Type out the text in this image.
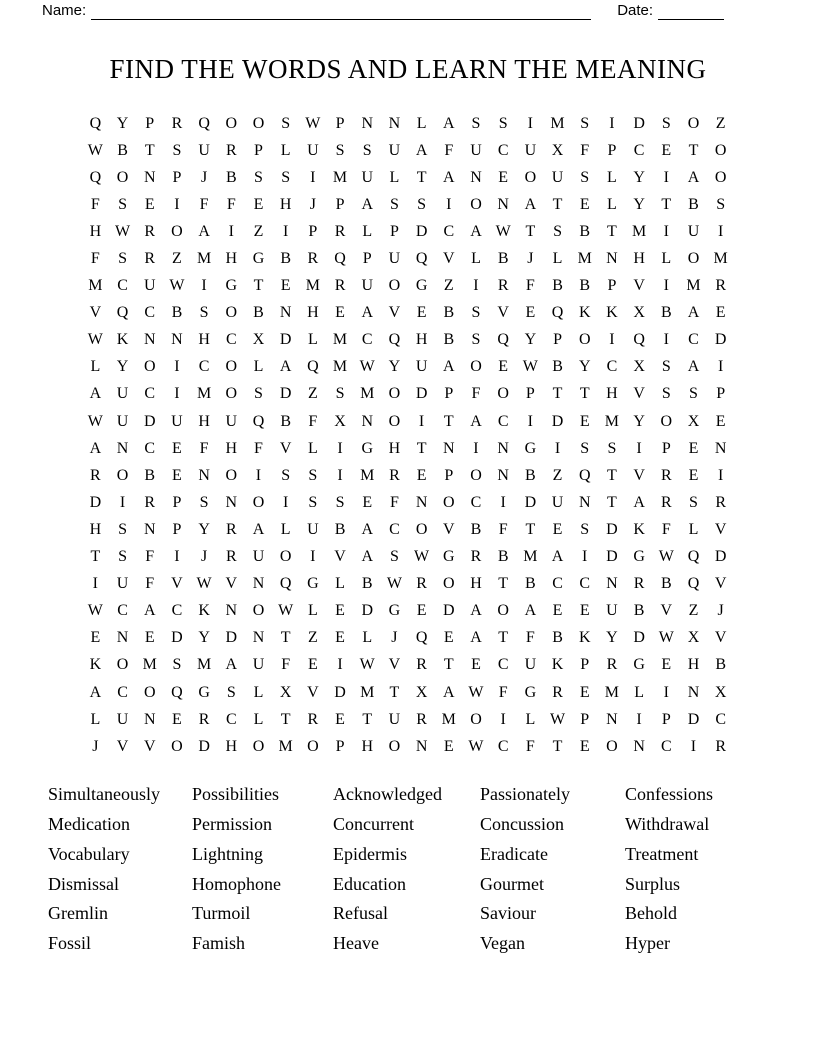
Name:	Date:
FIND THE WORDS AND LEARN THE MEANING
Q Y	P	R	Q O O	S W P	N N	L	A	S	S	I	M S	I	D	S	O	Z
W B	T	S	U	R	P	L	U	S	S	U A	F	U	C	U X	F	P	C	E	T	O
Q O N	P	J	B	S	S	I	M U	L	T	A N	E	O U	S	L	Y	I	A O
F	S	E	I	F	F	E	H	J	P	A	S	S	I	O N A	T	E	L	Y	T	B	S
H W R	O A	I	Z	I	P	R	L	P	D	C	A W T	S	B	T M	I	U	I
F	S	R	Z M H G	B	R	Q	P	U Q V	L	B	J	L M N H	L	O M
M C	U W	I	G	T	E M R	U O G	Z	I	R	F	B	B	P	V	I	M R
V Q	C	B	S	O	B	N H	E	A V	E	B	S	V	E	Q K K X	B	A	E
W K N N H	C	X D	L M C	Q H	B	S	Q Y	P	O	I	Q	I	C	D
L	Y O	I	C	O	L	A Q M W Y U A O	E W B	Y	C	X	S	A	I
A U	C	I	M O	S	D	Z	S M O D	P	F	O	P	T	T	H V	S	S	P
W U D U H U Q	B	F	X N O	I	T	A	C	I	D	E M Y O X	E
A N	C	E	F	H	F	V	L	I	G H	T	N	I	N G	I	S	S	I	P	E	N
R	O	B	E	N O	I	S	S	I	M R	E	P	O N	B	Z	Q	T	V	R	E	I
D	I	R	P	S	N O	I	S	S	E	F	N O	C	I	D U N	T	A	R	S	R
H	S	N	P	Y	R	A	L	U	B	A	C	O V	B	F	T	E	S	D K	F	L	V
T	S	F	I	J	R	U O	I	V A	S W G	R	B M A	I	D G W Q D
I	U	F	V W V N Q G	L	B W R	O H	T	B	C	C	N	R	B	Q V
W C	A	C	K N O W L	E	D G	E	D A O A	E	E	U	B	V	Z	J
E	N	E	D Y D N	T	Z	E	L	J	Q	E	A	T	F	B	K Y D W X V
K O M S M A U	F	E	I	W V	R	T	E	C	U K	P	R	G	E	H	B
A	C	O Q G	S	L	X V D M T	X A W F	G	R	E M L	I	N X
L	U N	E	R	C	L	T	R	E	T	U	R M O	I	L W P	N	I	P	D	C
J	V V O D H O M O	P	H O N	E W C	F	T	E	O N	C	I	R
Simultaneously
Medication
Vocabulary
Dismissal
Gremlin
Fossil
Possibilities
Permission
Lightning
Homophone
Turmoil
Famish
Acknowledged
Concurrent
Epidermis
Education
Refusal
Heave
Passionately
Concussion
Eradicate
Gourmet
Saviour
Vegan
Confessions
Withdrawal
Treatment
Surplus
Behold
Hyper
